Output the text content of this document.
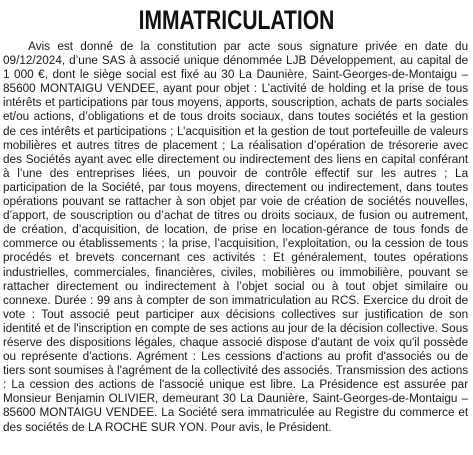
IMMATRICULATION

Avis est donné de la constitution par acte sous signature privée en date du 09/12/2024, d’une SAS à associé unique dénommée LJB Développement, au capital de 1 000 €, dont le siège social est fixé au 30 La Daunière, Saint-Georges-de-Montaigu – 85600 MONTAIGU VENDEE, ayant pour objet : L’activité de holding et la prise de tous intérêts et participations par tous moyens, apports, souscription, achats de parts sociales et/ou actions, d’obligations et de tous droits sociaux, dans toutes sociétés et la gestion de ces intérêts et participations ; L’acquisition et la gestion de tout portefeuille de valeurs mobilières et autres titres de placement ; La réalisation d’opération de trésorerie avec des Sociétés ayant avec elle directement ou indirectement des liens en capital conférant à l’une des entreprises liées, un pouvoir de contrôle effectif sur les autres ; La participation de la Société, par tous moyens, directement ou indirectement, dans toutes opérations pouvant se rattacher à son objet par voie de création de sociétés nouvelles, d’apport, de souscription ou d’achat de titres ou droits sociaux, de fusion ou autrement, de création, d’acquisition, de location, de prise en location-gérance de tous fonds de commerce ou établissements ; la prise, l’acquisition, l’exploitation, ou la cession de tous procédés et brevets concernant ces activités : Et généralement, toutes opérations industrielles, commerciales, financières, civiles, mobilières ou immobilière, pouvant se rattacher directement ou indirectement à l’objet social ou à tout objet similaire ou connexe. Durée : 99 ans à compter de son immatriculation au RCS. Exercice du droit de vote : Tout associé peut participer aux décisions collectives sur justification de son identité et de l'inscription en compte de ses actions au jour de la décision collective. Sous réserve des dispositions légales, chaque associé dispose d'autant de voix qu'il possède ou représente d'actions. Agrément : Les cessions d'actions au profit d'associés ou de tiers sont soumises à l'agrément de la collectivité des associés. Transmission des actions : La cession des actions de l'associé unique est libre. La Présidence est assurée par Monsieur Benjamin OLIVIER, demeurant 30 La Daunière, Saint-Georges-de-Montaigu – 85600 MONTAIGU VENDEE. La Société sera immatriculée au Registre du commerce et des sociétés de LA ROCHE SUR YON. Pour avis, le Président.
